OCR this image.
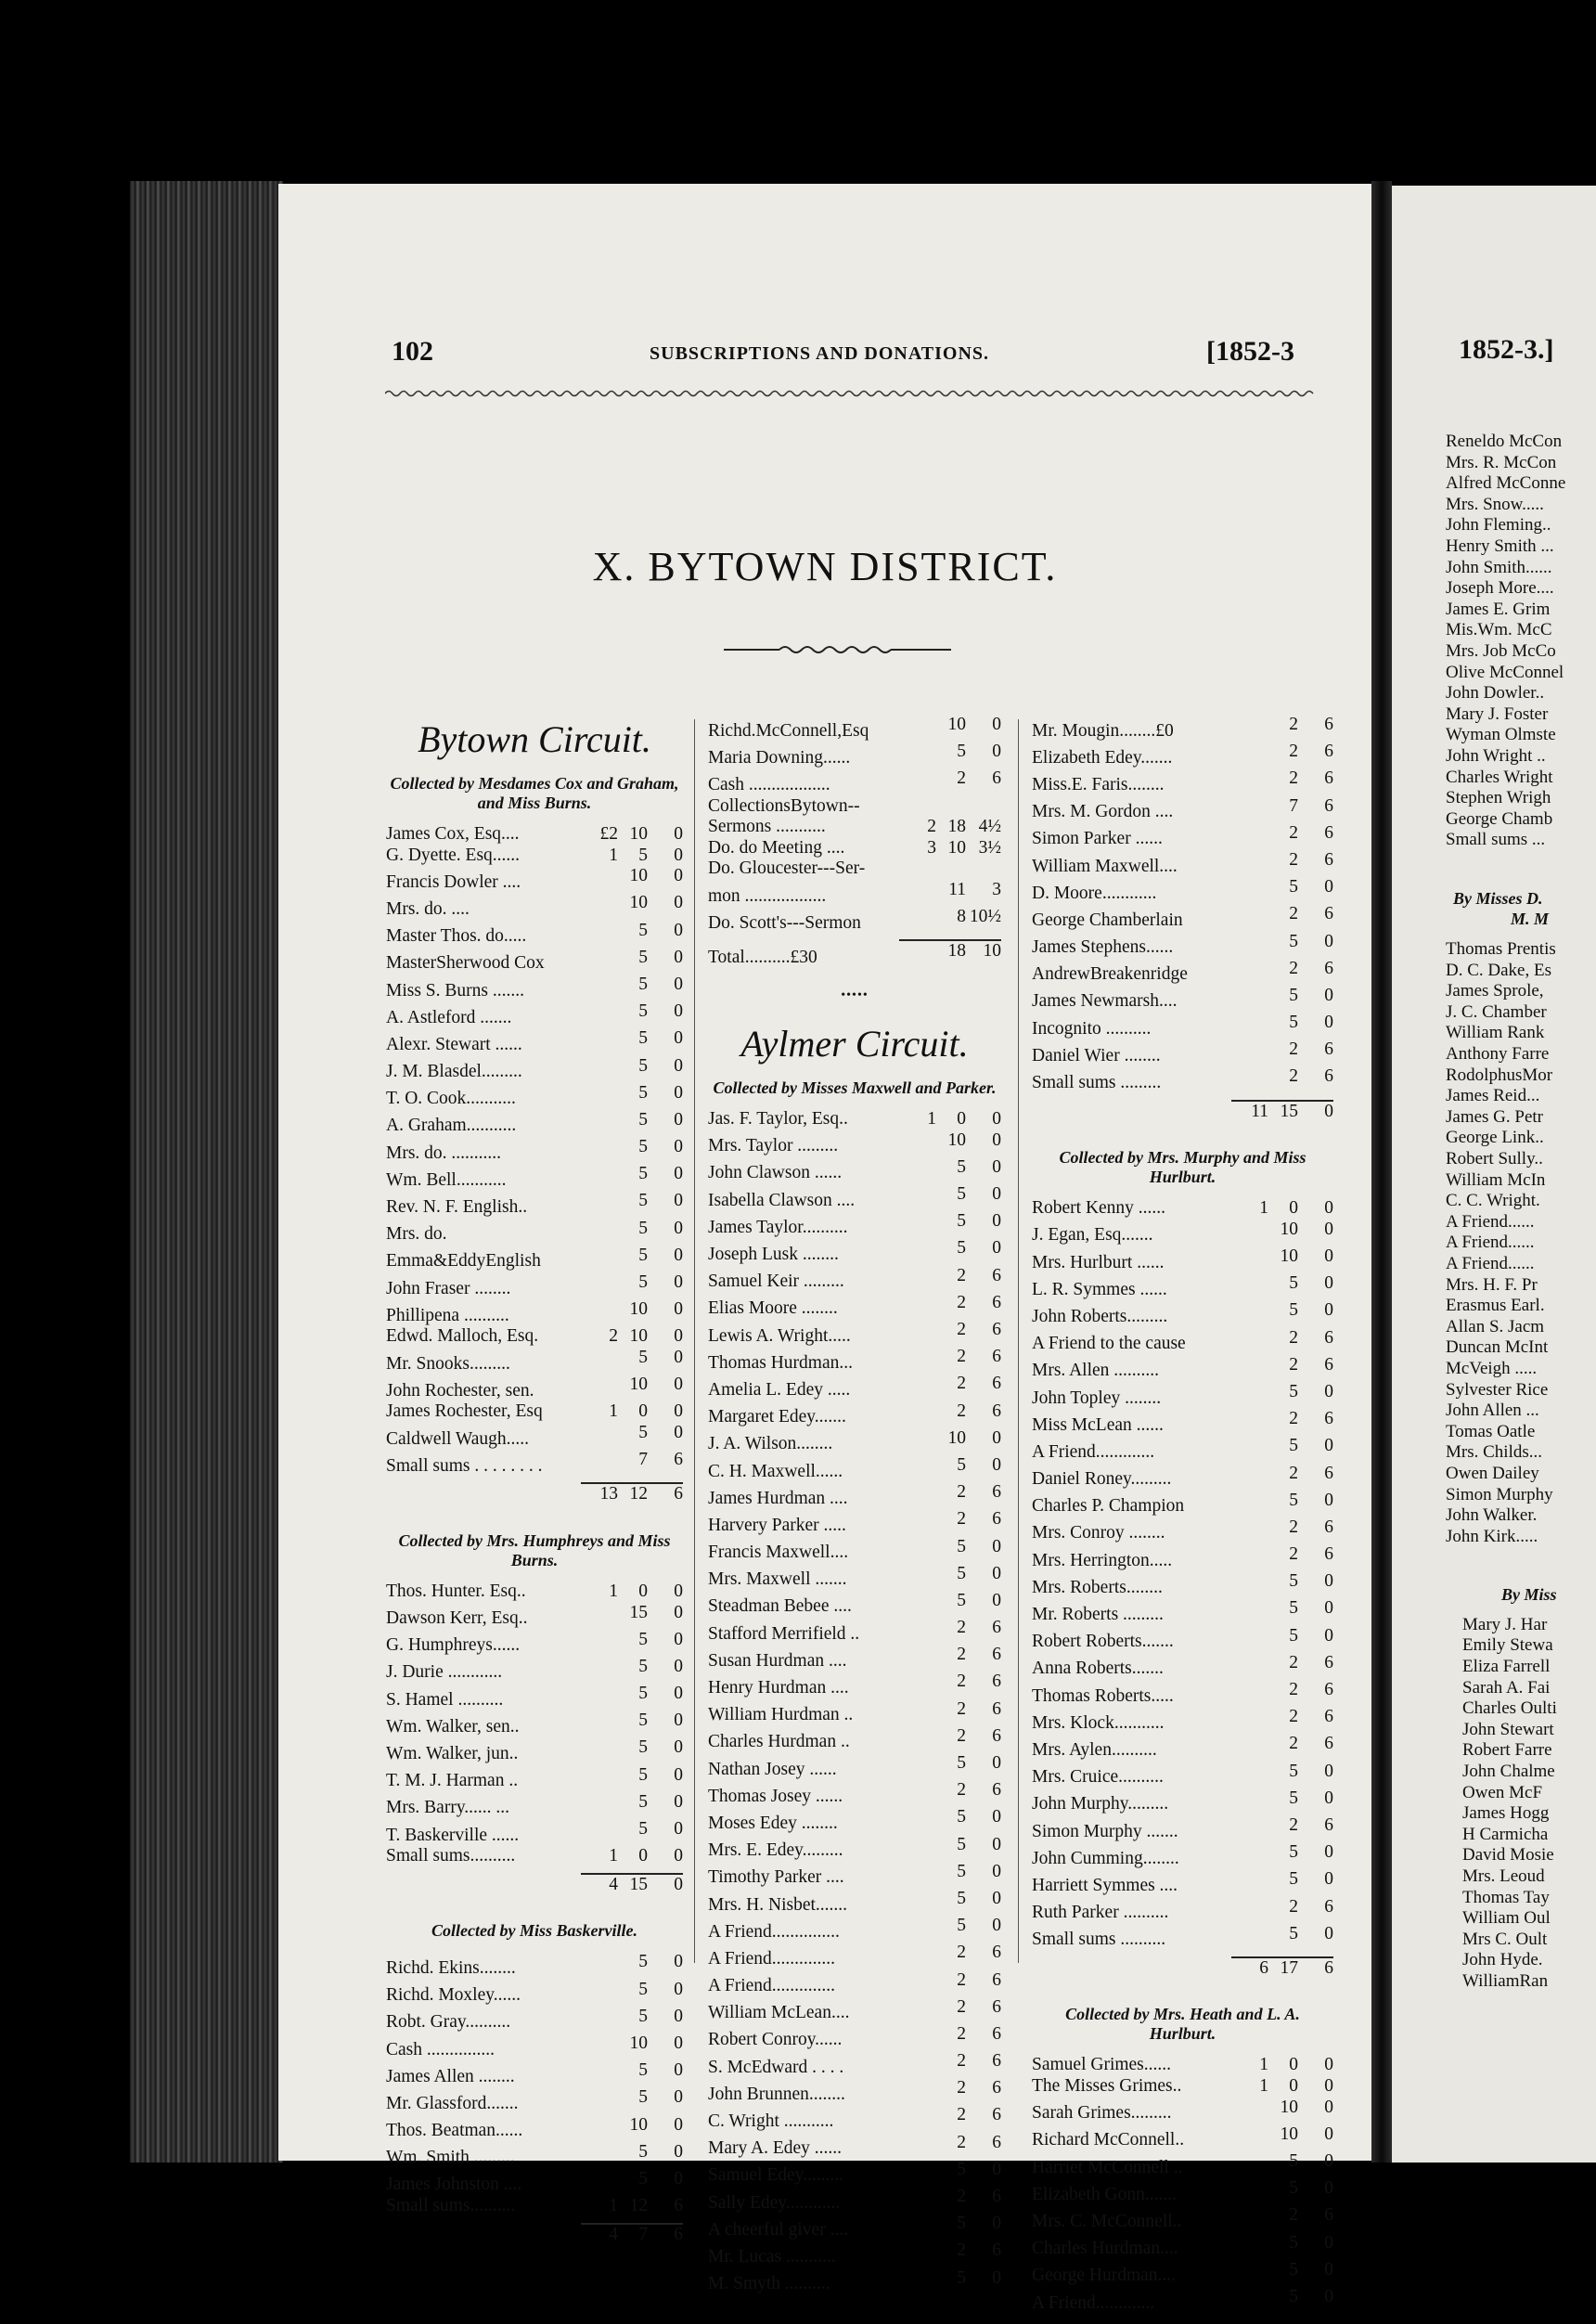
1852-3.]
Reneldo McCon
Mrs. R. McCon
Alfred McConne
Mrs. Snow.....
John Fleming..
Henry Smith ...
John Smith......
Joseph More....
James E. Grim
Mis.Wm. McC
Mrs. Job McCo
Olive McConnel
John Dowler..
Mary J. Foster
Wyman Olmste
John Wright ..
Charles Wright
Stephen Wrigh
George Chamb
Small sums ...
By Misses D.
M. M
Thomas Prentis
D. C. Dake, Es
James Sprole,
J. C. Chamber
William Rank
Anthony Farre
RodolphusMor
James Reid...
James G. Petr
George Link..
Robert Sully..
William McIn
C. C. Wright.
A Friend......
A Friend......
A Friend......
Mrs. H. F. Pr
Erasmus Earl.
Allan S. Jacm
Duncan McInt
McVeigh .....
Sylvester Rice
John Allen ...
Tomas Oatle
Mrs. Childs...
Owen Dailey
Simon Murphy
John Walker.
John Kirk.....
By Miss
Mary J. Har
Emily Stewa
Eliza Farrell
Sarah A. Fai
Charles Oulti
John Stewart
Robert Farre
John Chalme
Owen McF
James Hogg
H Carmicha
David Mosie
Mrs. Leoud
Thomas Tay
William Oul
Mrs C. Oult
John Hyde.
WilliamRan
102	SUBSCRIPTIONS AND DONATIONS.	[1852-3
X. BYTOWN DISTRICT.
Bytown Circuit.
Collected by Mesdames Cox and Graham, and Miss Burns.
James Cox, Esq....	£2 10	0
G. Dyette. Esq......	1	5	0
Francis Dowler ....	10	0
Mrs. do. ....	10	0
Master Thos. do.....	5	0
MasterSherwood Cox	5	0
Miss S. Burns .......	5	0
A. Astleford .......	5	0
Alexr. Stewart ......	5	0
J. M. Blasdel.........	5	0
T. O. Cook...........	5	0
A. Graham...........	5	0
Mrs. do. ...........	5	0
Wm. Bell...........	5	0
Rev. N. F. English..	5	0
Mrs. do.	5	0
Emma&EddyEnglish	5	0
John Fraser ........	5	0
Phillipena ..........	10	0
Edwd. Malloch, Esq.	2 10	0
Mr. Snooks.........	5	0
John Rochester, sen.	10	0
James Rochester, Esq	1	0	0
Caldwell Waugh.....	5	0
Small sums . . . . . . . .	7	6
13 12	6
Collected by Mrs. Humphreys and Miss Burns.
Thos. Hunter. Esq..	1	0	0
Dawson Kerr, Esq..	15	0
G. Humphreys......	5	0
J. Durie ............	5	0
S. Hamel ..........	5	0
Wm. Walker, sen..	5	0
Wm. Walker, jun..	5	0
T. M. J. Harman ..	5	0
Mrs. Barry...... ...	5	0
T. Baskerville ......	5	0
Small sums..........	1	0	0
4 15	0
Collected by Miss Baskerville.
Richd. Ekins........	5	0
Richd. Moxley......	5	0
Robt. Gray..........	5	0
Cash ...............	10	0
James Allen ........	5	0
Mr. Glassford.......	5	0
Thos. Beatman......	10	0
Wm. Smith .........	5	0
James Johnston ....	5	0
Small sums..........	1 12	6
4	7	6
Richd.McConnell,Esq	10	0
Maria Downing......	5	0
Cash ..................	2	6
CollectionsBytown--
Sermons ...........	2 18 4½
Do. do Meeting ....	3 10 3½
Do. Gloucester---Ser-
mon ..................	11	3
Do. Scott's---Sermon	8 10½
Total..........£30	18 10
•••••
Aylmer Circuit.
Collected by Misses Maxwell and Parker.
Jas. F. Taylor, Esq..	1	0	0
Mrs. Taylor .........	10	0
John Clawson ......	5	0
Isabella Clawson ....	5	0
James Taylor..........	5	0
Joseph Lusk ........	5	0
Samuel Keir .........	2	6
Elias Moore ........	2	6
Lewis A. Wright.....	2	6
Thomas Hurdman...	2	6
Amelia L. Edey .....	2	6
Margaret Edey.......	2	6
J. A. Wilson........	10	0
C. H. Maxwell......	5	0
James Hurdman ....	2	6
Harvery Parker .....	2	6
Francis Maxwell....	5	0
Mrs. Maxwell .......	5	0
Steadman Bebee ....	5	0
Stafford Merrifield ..	2	6
Susan Hurdman ....	2	6
Henry Hurdman ....	2	6
William Hurdman ..	2	6
Charles Hurdman ..	2	6
Nathan Josey ......	5	0
Thomas Josey ......	2	6
Moses Edey ........	5	0
Mrs. E. Edey.........	5	0
Timothy Parker ....	5	0
Mrs. H. Nisbet.......	5	0
A Friend...............	5	0
A Friend..............	2	6
A Friend..............	2	6
William McLean....	2	6
Robert Conroy......	2	6
S. McEdward . . . .	2	6
John Brunnen........	2	6
C. Wright ...........	2	6
Mary A. Edey ......	2	6
Samuel Edey.........	5	0
Sally Edey............	2	6
A cheerful giver ....	5	0
Mr. Lucas ...........	2	6
M. Smyth ..........	5	0
Mr. Mougin........£0	2	6
Elizabeth Edey.......	2	6
Miss.E. Faris........	2	6
Mrs. M. Gordon ....	7	6
Simon Parker ......	2	6
William Maxwell....	2	6
D. Moore............	5	0
George Chamberlain	2	6
James Stephens......	5	0
AndrewBreakenridge	2	6
James Newmarsh....	5	0
Incognito ..........	5	0
Daniel Wier ........	2	6
Small sums .........	2	6
11 15	0
Collected by Mrs. Murphy and Miss Hurlburt.
Robert Kenny ......	1	0	0
J. Egan, Esq.......	10	0
Mrs. Hurlburt ......	10	0
L. R. Symmes ......	5	0
John Roberts.........	5	0
A Friend to the cause	2	6
Mrs. Allen ..........	2	6
John Topley ........	5	0
Miss McLean ......	2	6
A Friend.............	5	0
Daniel Roney.........	2	6
Charles P. Champion	5	0
Mrs. Conroy ........	2	6
Mrs. Herrington.....	2	6
Mrs. Roberts........	5	0
Mr. Roberts .........	5	0
Robert Roberts.......	5	0
Anna Roberts.......	2	6
Thomas Roberts.....	2	6
Mrs. Klock...........	2	6
Mrs. Aylen..........	2	6
Mrs. Cruice..........	5	0
John Murphy.........	5	0
Simon Murphy .......	2	6
John Cumming........	5	0
Harriett Symmes ....	5	0
Ruth Parker ..........	2	6
Small sums ..........	5	0
6 17	6
Collected by Mrs. Heath and L. A. Hurlburt.
Samuel Grimes......	1	0	0
The Misses Grimes..	1	0	0
Sarah Grimes.........	10	0
Richard McConnell..	10	0
Harriet McConnell ..	5	0
Elizabeth Gonn.......	5	0
Mrs. C. McConnell..	2	6
Charles Hurdman....	5	0
George Hurdman....	5	0
A Friend.............	5	0
